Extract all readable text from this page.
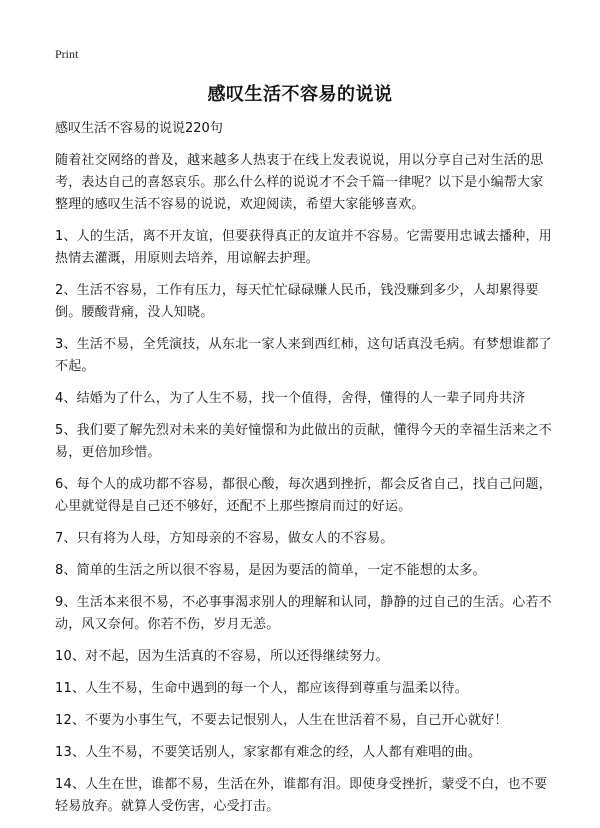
Print
感叹生活不容易的说说

感叹生活不容易的说说220句

随着社交网络的普及，越来越多人热衷于在线上发表说说，用以分享自己对生活的思考，表达自己的喜怒哀乐。那么什么样的说说才不会千篇一律呢？以下是小编帮大家整理的感叹生活不容易的说说，欢迎阅读，希望大家能够喜欢。

1、人的生活，离不开友谊，但要获得真正的友谊并不容易。它需要用忠诚去播种，用热情去灌溉，用原则去培养，用谅解去护理。
2、生活不容易，工作有压力，每天忙忙碌碌赚人民币，钱没赚到多少，人却累得要倒。腰酸背痛，没人知晓。
3、生活不易，全凭演技，从东北一家人来到西红柿，这句话真没毛病。有梦想谁都了不起。
4、结婚为了什么，为了人生不易，找一个值得，舍得，懂得的人一辈子同舟共济
5、我们要了解先烈对未来的美好憧憬和为此做出的贡献，懂得今天的幸福生活来之不易，更倍加珍惜。
6、每个人的成功都不容易，都很心酸，每次遇到挫折，都会反省自己，找自己问题，心里就觉得是自己还不够好，还配不上那些擦肩而过的好运。
7、只有将为人母，方知母亲的不容易，做女人的不容易。
8、简单的生活之所以很不容易，是因为要活的简单，一定不能想的太多。
9、生活本来很不易，不必事事渴求别人的理解和认同，静静的过自己的生活。心若不动，风又奈何。你若不伤，岁月无恙。
10、对不起，因为生活真的不容易，所以还得继续努力。
11、人生不易，生命中遇到的每一个人，都应该得到尊重与温柔以待。
12、不要为小事生气，不要去记恨别人，人生在世活着不易，自己开心就好！
13、人生不易，不要笑话别人，家家都有难念的经，人人都有难唱的曲。
14、人生在世，谁都不易，生活在外，谁都有泪。即使身受挫折，蒙受不白，也不要轻易放弃。就算人受伤害，心受打击。
